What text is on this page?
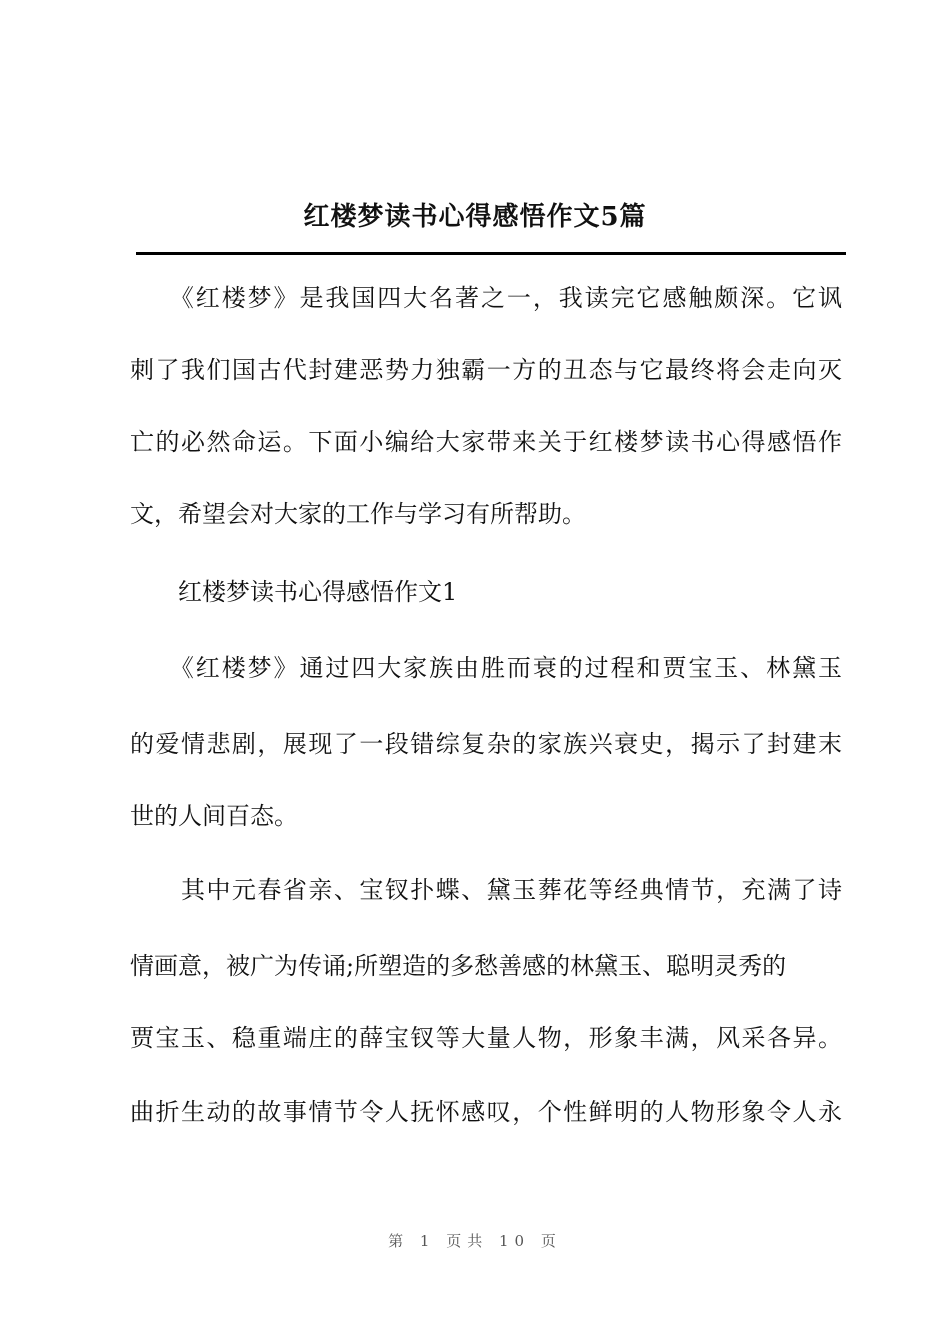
红楼梦读书心得感悟作文5篇
　　《红楼梦》是我国四大名著之一，我读完它感触颇深。它讽
刺了我们国古代封建恶势力独霸一方的丑态与它最终将会走向灭
亡的必然命运。下面小编给大家带来关于红楼梦读书心得感悟作
文，希望会对大家的工作与学习有所帮助。
　　红楼梦读书心得感悟作文1
　　《红楼梦》通过四大家族由胜而衰的过程和贾宝玉、林黛玉
的爱情悲剧，展现了一段错综复杂的家族兴衰史，揭示了封建末
世的人间百态。
　　其中元春省亲、宝钗扑蝶、黛玉葬花等经典情节，充满了诗
情画意，被广为传诵;所塑造的多愁善感的林黛玉、聪明灵秀的
贾宝玉、稳重端庄的薛宝钗等大量人物，形象丰满，风采各异。
曲折生动的故事情节令人抚怀感叹，个性鲜明的人物形象令人永
第 1 页共 10 页
